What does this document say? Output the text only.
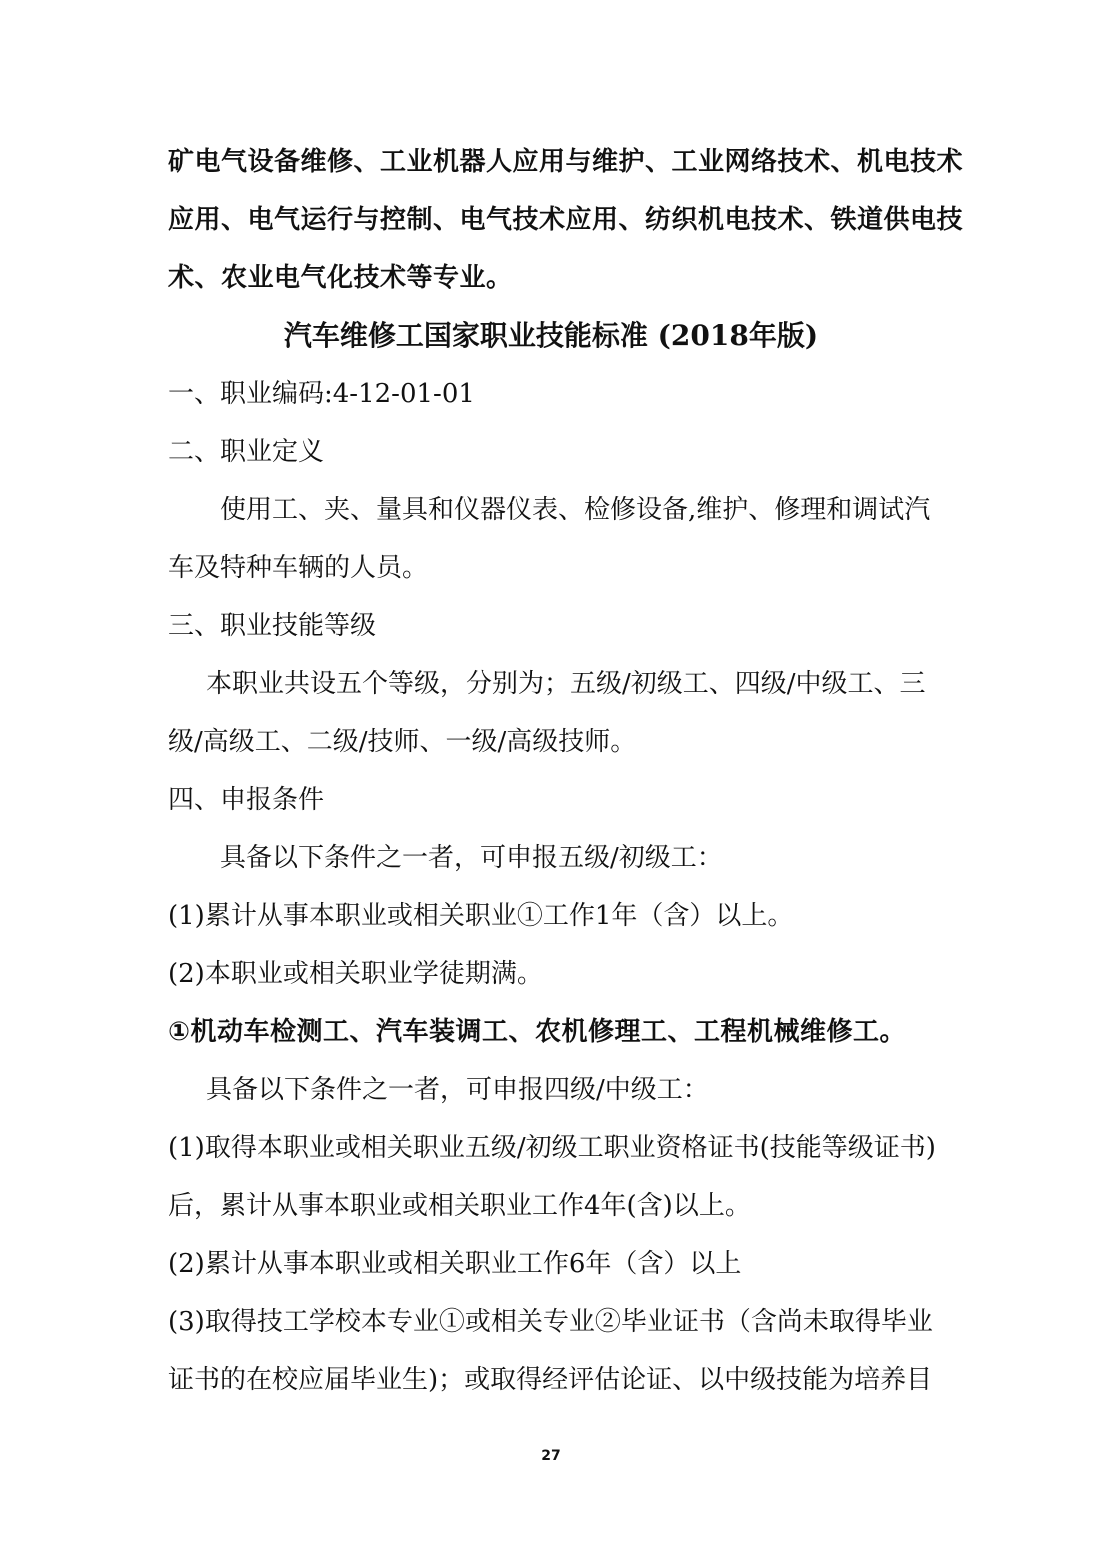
矿电气设备维修、工业机器人应用与维护、工业网络技术、机电技术
应用、电气运行与控制、电气技术应用、纺织机电技术、铁道供电技
术、农业电气化技术等专业。
汽车维修工国家职业技能标准 (2018年版)
一、职业编码:4-12-01-01
二、职业定义
使用工、夹、量具和仪器仪表、检修设备,维护、修理和调试汽
车及特种车辆的人员。
三、职业技能等级
本职业共设五个等级，分别为；五级/初级工、四级/中级工、三
级/高级工、二级/技师、一级/高级技师。
四、申报条件
具备以下条件之一者，可申报五级/初级工：
(1)累计从事本职业或相关职业①工作1年（含）以上。
(2)本职业或相关职业学徒期满。
①机动车检测工、汽车装调工、农机修理工、工程机械维修工。
具备以下条件之一者，可申报四级/中级工：
(1)取得本职业或相关职业五级/初级工职业资格证书(技能等级证书)
后，累计从事本职业或相关职业工作4年(含)以上。
(2)累计从事本职业或相关职业工作6年（含）以上
(3)取得技工学校本专业①或相关专业②毕业证书（含尚未取得毕业
证书的在校应届毕业生)；或取得经评估论证、以中级技能为培养目
27
